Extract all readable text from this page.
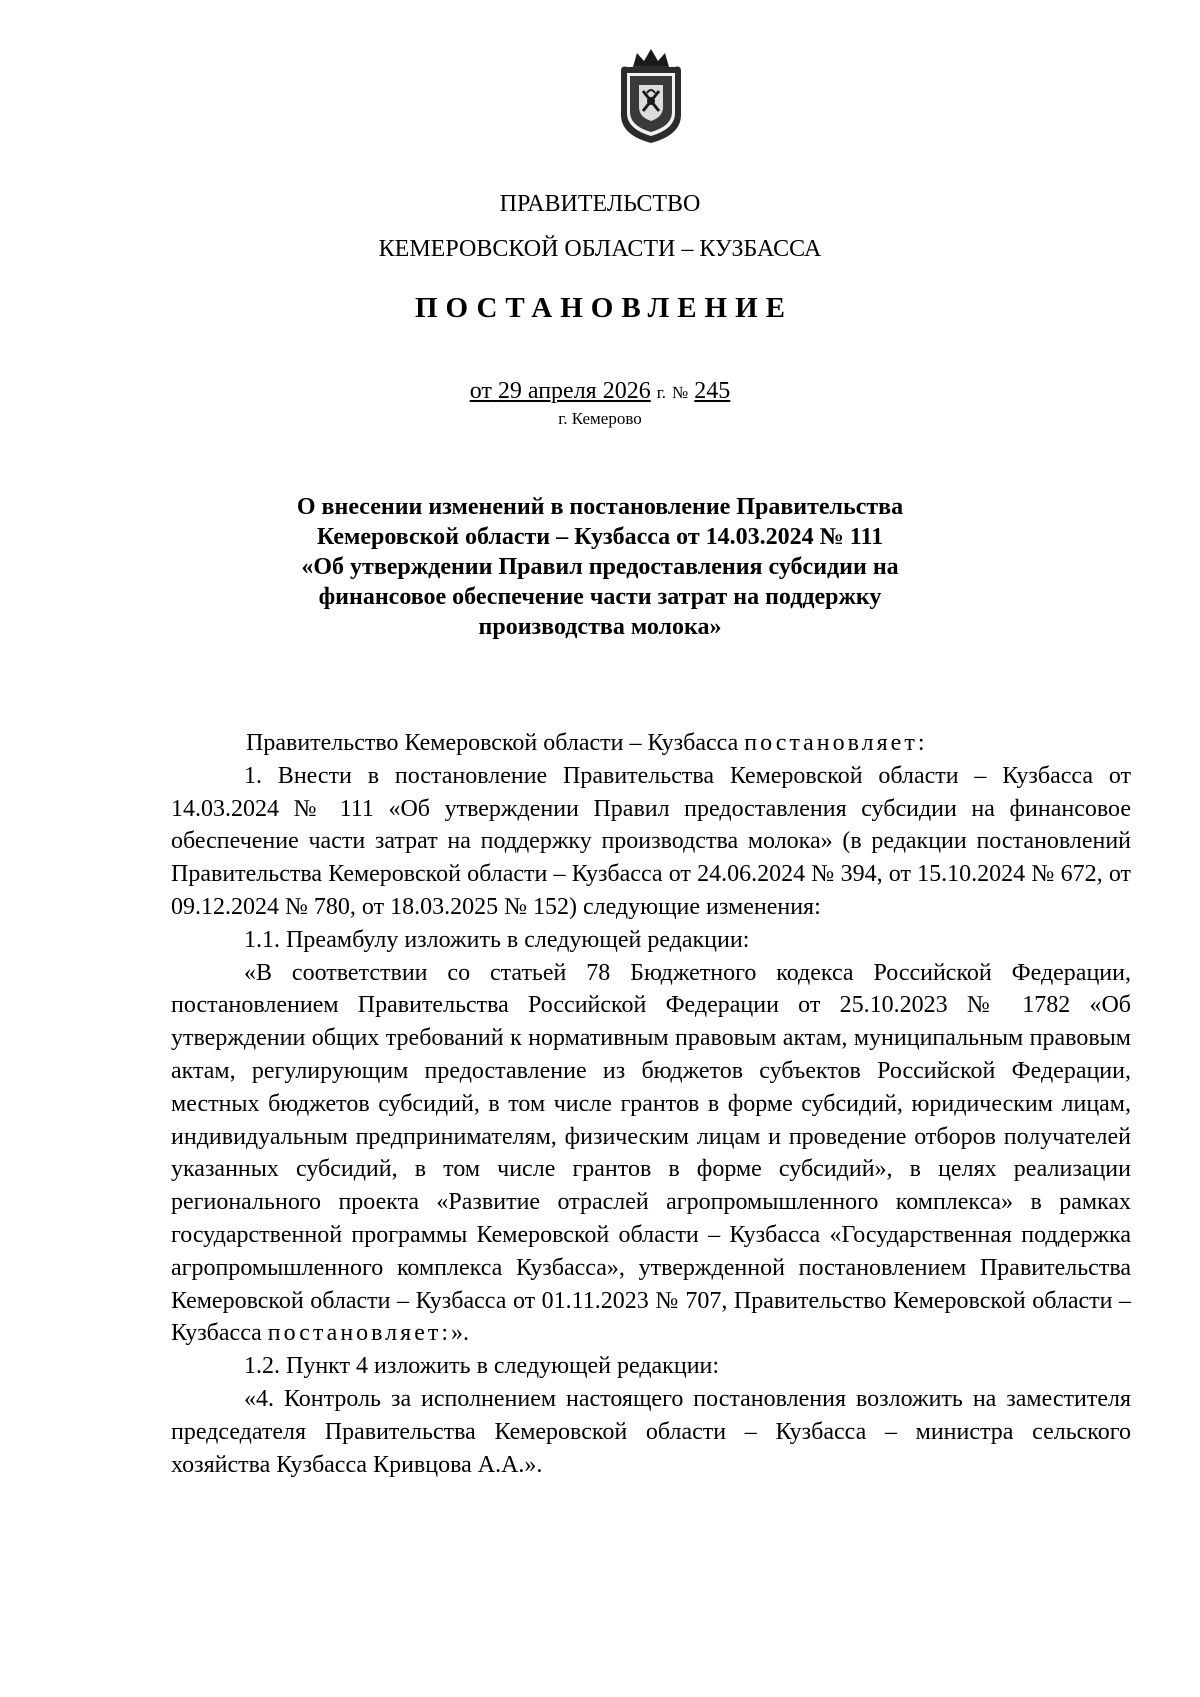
ПРАВИТЕЛЬСТВО
КЕМЕРОВСКОЙ ОБЛАСТИ – КУЗБАССА
ПОСТАНОВЛЕНИЕ
от 29 апреля 2026 г. № 245
г. Кемерово
О внесении изменений в постановление Правительства
Кемеровской области – Кузбасса от 14.03.2024 № 111
«Об утверждении Правил предоставления субсидии на
финансовое обеспечение части затрат на поддержку
производства молока»

Правительство Кемеровской области – Кузбасса постановляет:

1. Внести в постановление Правительства Кемеровской области – Кузбасса от 14.03.2024 № 111 «Об утверждении Правил предоставления субсидии на финансовое обеспечение части затрат на поддержку производства молока» (в редакции постановлений Правительства Кемеровской области – Кузбасса от 24.06.2024 № 394, от 15.10.2024 № 672, от 09.12.2024 № 780, от 18.03.2025 № 152) следующие изменения:

1.1. Преамбулу изложить в следующей редакции:

«В соответствии со статьей 78 Бюджетного кодекса Российской Федерации, постановлением Правительства Российской Федерации от 25.10.2023 № 1782 «Об утверждении общих требований к нормативным правовым актам, муниципальным правовым актам, регулирующим предоставление из бюджетов субъектов Российской Федерации, местных бюджетов субсидий, в том числе грантов в форме субсидий, юридическим лицам, индивидуальным предпринимателям, физическим лицам и проведение отборов получателей указанных субсидий, в том числе грантов в форме субсидий», в целях реализации регионального проекта «Развитие отраслей агропромышленного комплекса» в рамках государственной программы Кемеровской области – Кузбасса «Государственная поддержка агропромышленного комплекса Кузбасса», утвержденной постановлением Правительства Кемеровской области – Кузбасса от 01.11.2023 № 707, Правительство Кемеровской области – Кузбасса постановляет:».

1.2. Пункт 4 изложить в следующей редакции:

«4. Контроль за исполнением настоящего постановления возложить на заместителя председателя Правительства Кемеровской области – Кузбасса – министра сельского хозяйства Кузбасса Кривцова А.А.».
